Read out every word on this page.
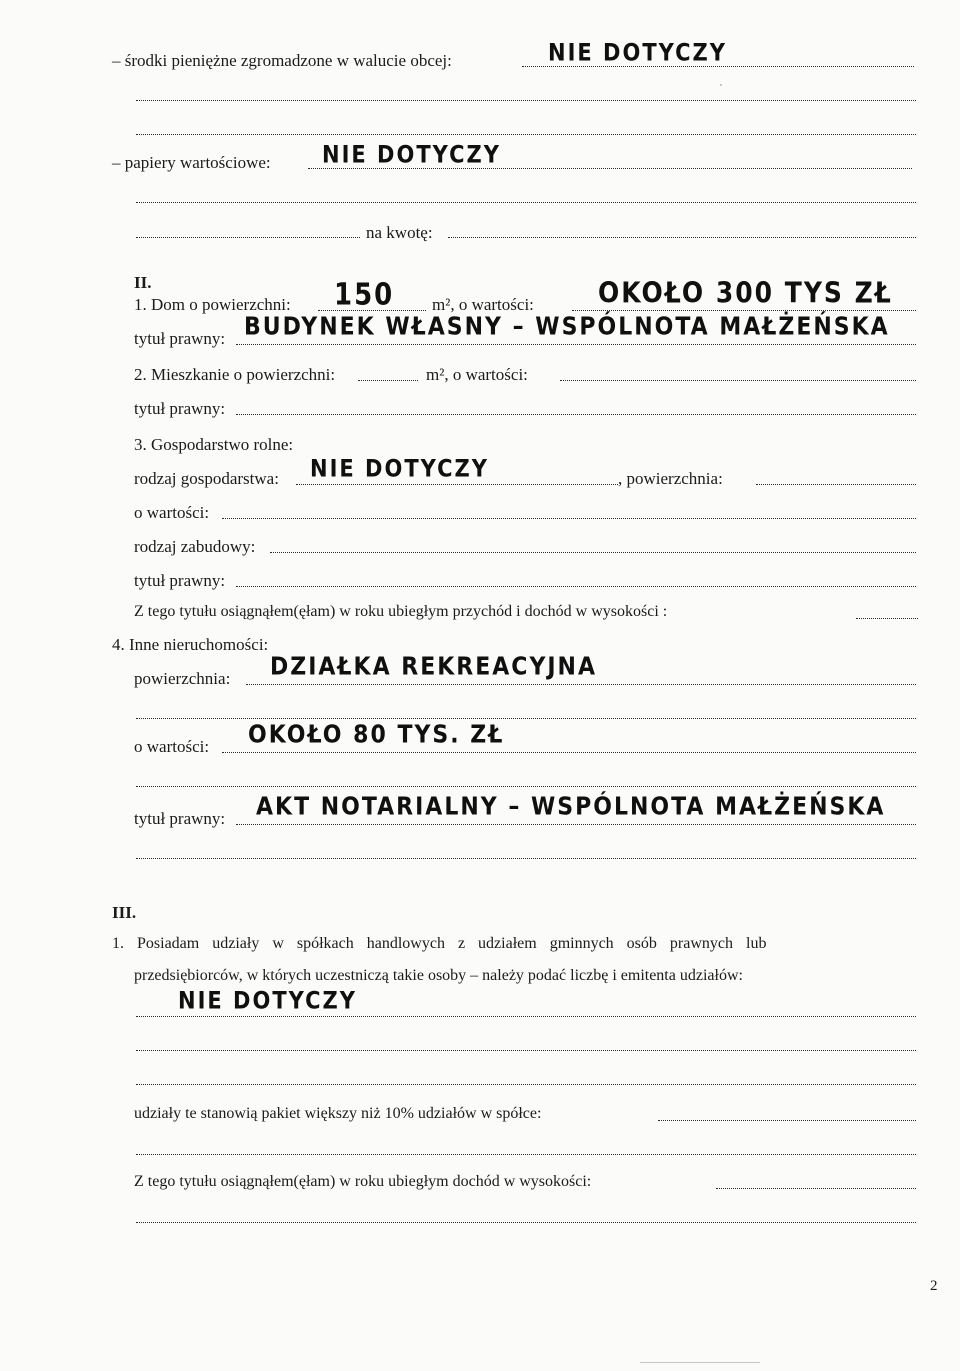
– środki pieniężne zgromadzone w walucie obcej:	NIE DOTYCZY
– papiery wartościowe: NIE DOTYCZY
na kwotę:
II.
1. Dom o powierzchni: 150 m², o wartości:	OKOŁO 300 TYS ZŁ
tytuł prawny: BUDYNEK WŁASNY – WSPÓLNOTA MAŁŻEŃSKA
2. Mieszkanie o powierzchni:	m², o wartości:
tytuł prawny:
3. Gospodarstwo rolne:
rodzaj gospodarstwa: NIE DOTYCZY	, powierzchnia:
o wartości:
rodzaj zabudowy:
tytuł prawny:
Z tego tytułu osiągnąłem(ęłam) w roku ubiegłym przychód i dochód w wysokości :
4. Inne nieruchomości:
powierzchnia: DZIAŁKA REKREACYJNA
o wartości: OKOŁO 80 TYS. ZŁ
tytuł prawny: AKT NOTARIALNY – WSPÓLNOTA MAŁŻEŃSKA
III.
1. Posiadam udziały w spółkach handlowych z udziałem gminnych osób prawnych lub
przedsiębiorców, w których uczestniczą takie osoby – należy podać liczbę i emitenta udziałów:
NIE DOTYCZY
udziały te stanowią pakiet większy niż 10% udziałów w spółce:
Z tego tytułu osiągnąłem(ęłam) w roku ubiegłym dochód w wysokości:
2
